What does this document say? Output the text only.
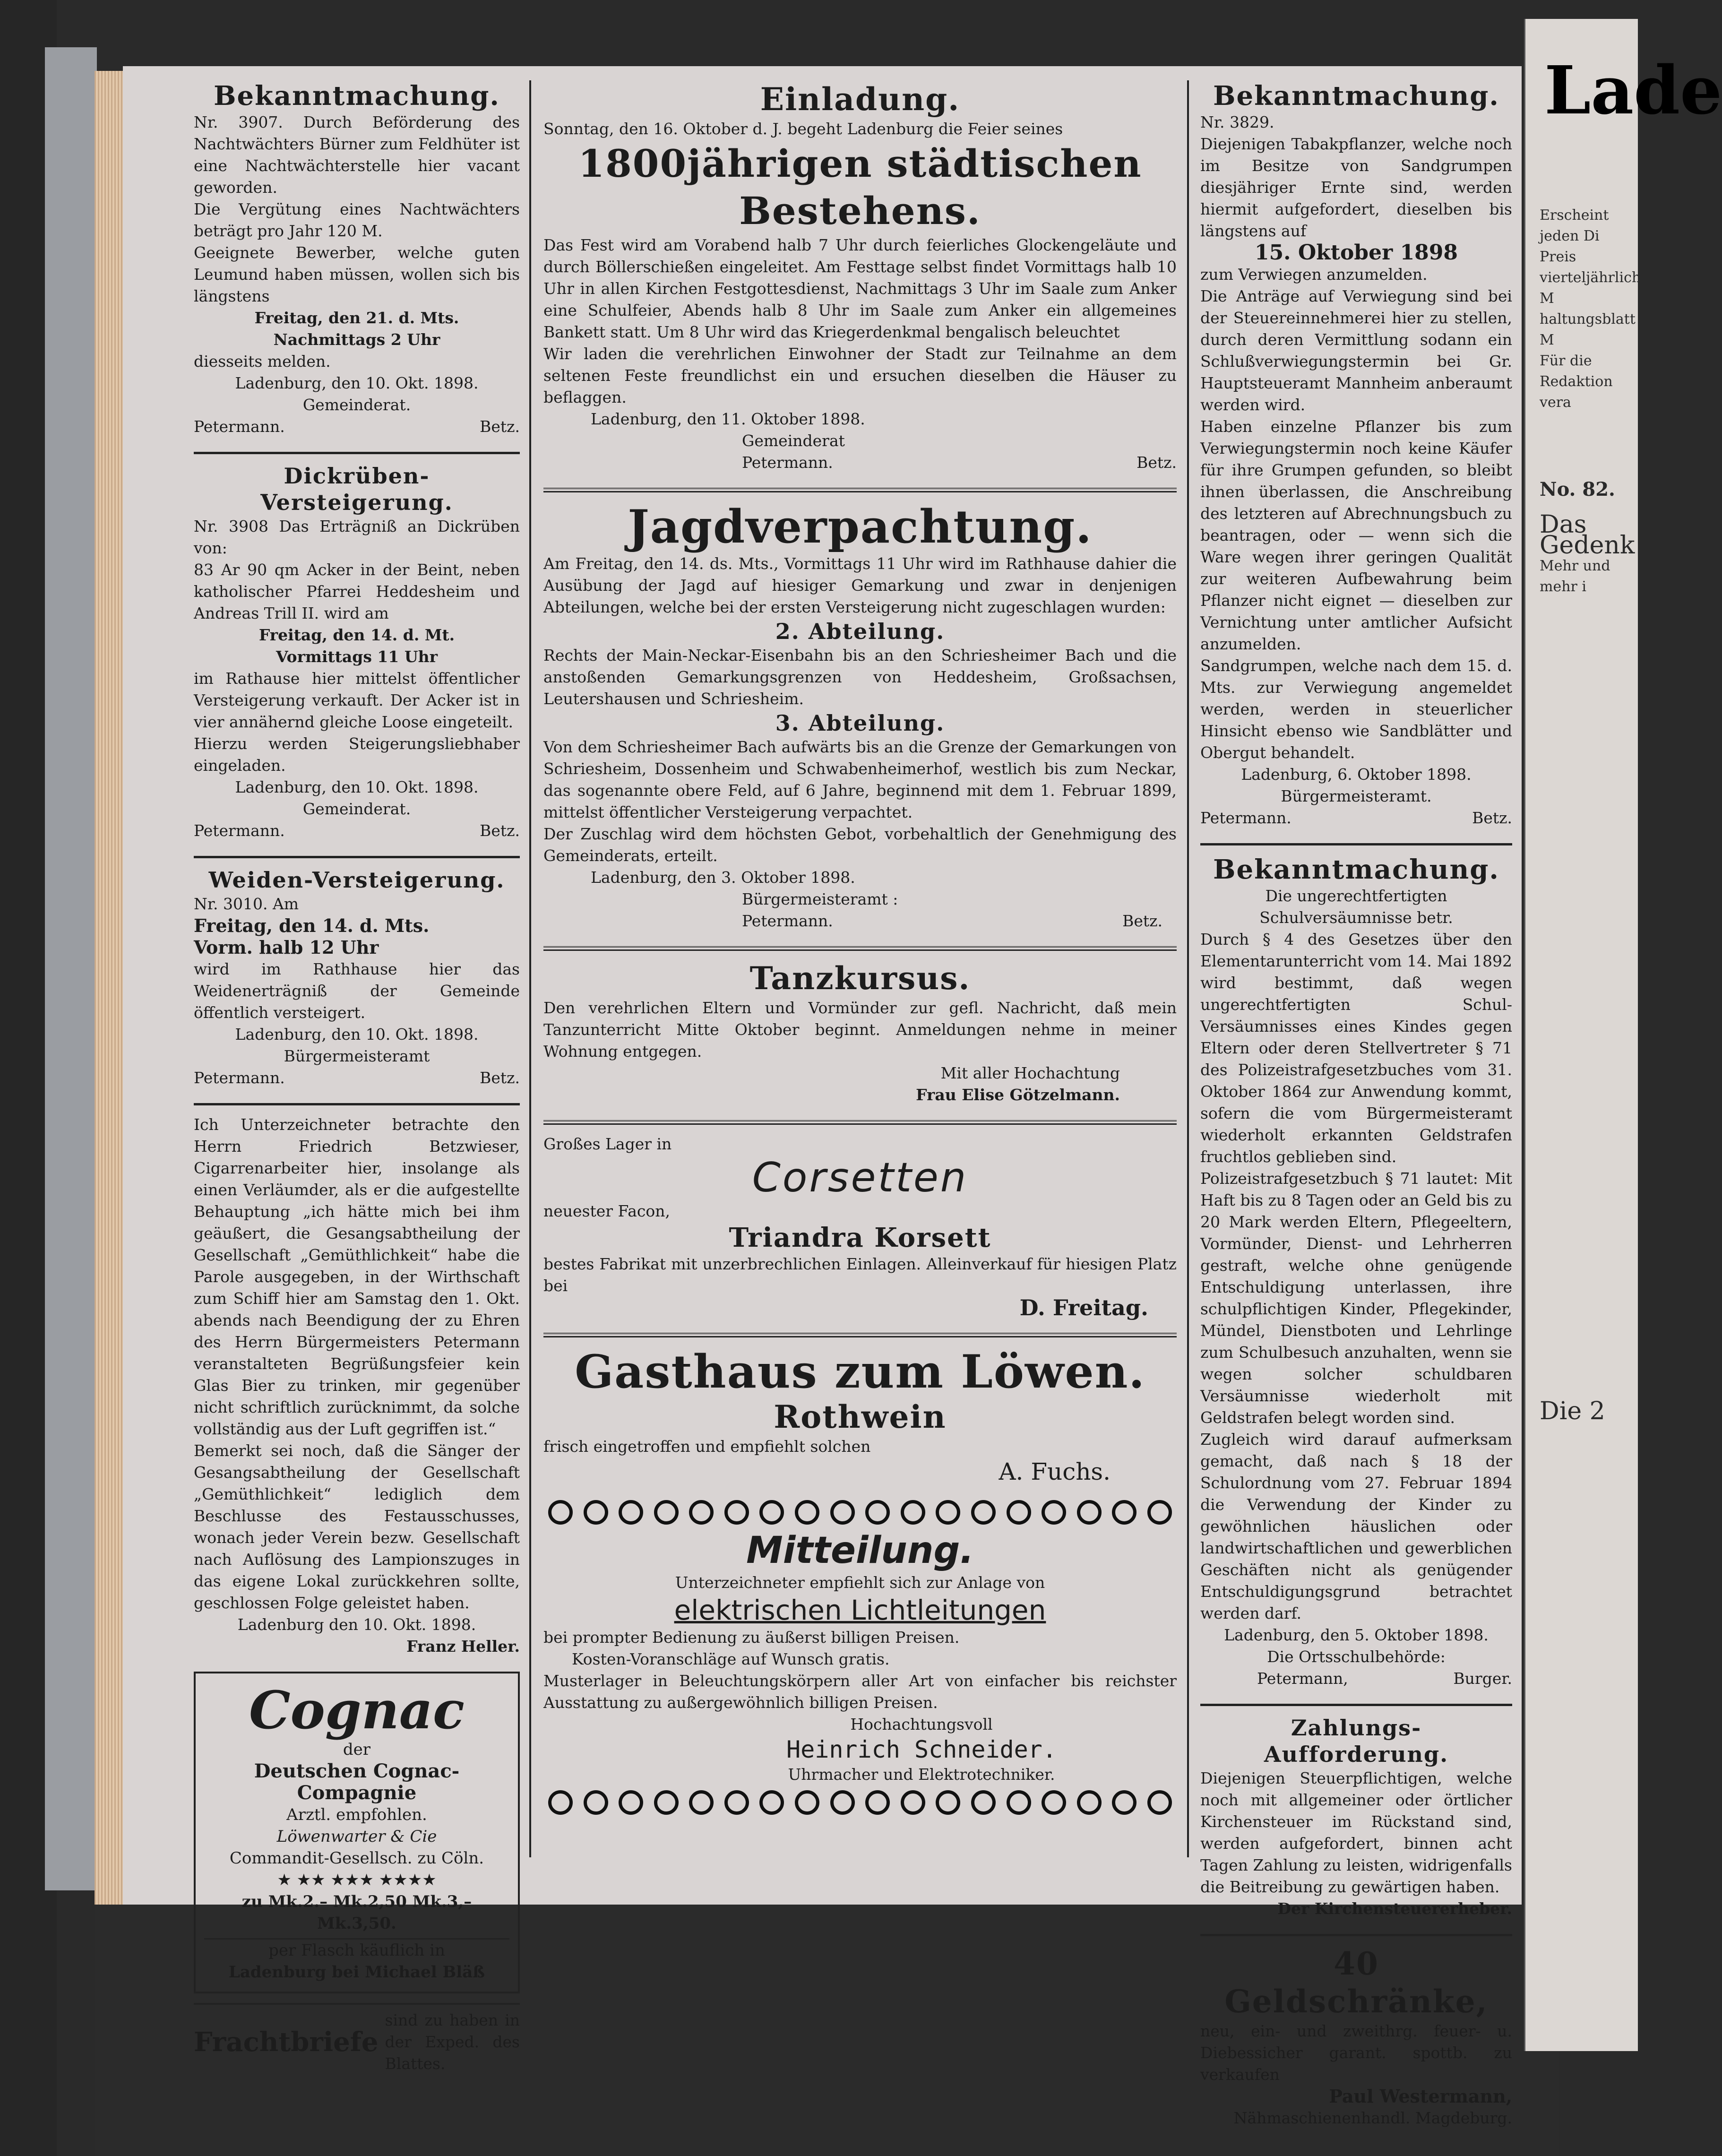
Lade
Erscheint jeden Di
Preis vierteljährlich M
haltungsblatt M
Für die Redaktion vera
No. 82.
Das Gedenk
Mehr und mehr i
Die 2
Bekanntmachung.

Nr. 3907. Durch Beförderung des Nachtwächters Bürner zum Feldhüter ist eine Nachtwächterstelle hier vacant geworden.

Die Vergütung eines Nachtwächters beträgt pro Jahr 120 M.

Geeignete Bewerber, welche guten Leumund haben müssen, wollen sich bis längstens

Freitag, den 21. d. Mts.

Nachmittags 2 Uhr

diesseits melden.

Ladenburg, den 10. Okt. 1898.

Gemeinderat.

Petermann.	Betz.
Dickrüben-Versteigerung.

Nr. 3908 Das Erträgniß an Dickrüben von:

83 Ar 90 qm Acker in der Beint, neben katholischer Pfarrei Heddesheim und Andreas Trill II. wird am

Freitag, den 14. d. Mt.

Vormittags 11 Uhr

im Rathause hier mittelst öffentlicher Versteigerung verkauft. Der Acker ist in vier annähernd gleiche Loose eingeteilt.

Hierzu werden Steigerungsliebhaber eingeladen.

Ladenburg, den 10. Okt. 1898.

Gemeinderat.

Petermann.	Betz.
Weiden-Versteigerung.

Nr. 3010. Am

Freitag, den 14. d. Mts.

Vorm. halb 12 Uhr

wird im Rathhause hier das Weidenerträgniß der Gemeinde öffentlich versteigert.

Ladenburg, den 10. Okt. 1898.

Bürgermeisteramt

Petermann.	Betz.

Ich Unterzeichneter betrachte den Herrn Friedrich Betzwieser, Cigarrenarbeiter hier, insolange als einen Verläumder, als er die aufgestellte Behauptung „ich hätte mich bei ihm geäußert, die Gesangsabtheilung der Gesellschaft „Gemüthlichkeit“ habe die Parole ausgegeben, in der Wirthschaft zum Schiff hier am Samstag den 1. Okt. abends nach Beendigung der zu Ehren des Herrn Bürgermeisters Petermann veranstalteten Begrüßungsfeier kein Glas Bier zu trinken, mir gegenüber nicht schriftlich zurücknimmt, da solche vollständig aus der Luft gegriffen ist.“

Bemerkt sei noch, daß die Sänger der Gesangsabtheilung der Gesellschaft „Gemüthlichkeit“ lediglich dem Beschlusse des Festausschusses, wonach jeder Verein bezw. Gesellschaft nach Auflösung des Lampionszuges in das eigene Lokal zurückkehren sollte, geschlossen Folge geleistet haben.

Ladenburg den 10. Okt. 1898.

Franz Heller.

Cognac
der
Deutschen Cognac-Compagnie
Arztl. empfohlen.
Löwenwarter & Cie
Commandit-Gesellsch. zu Cöln.
★ ★★ ★★★ ★★★★
zu Mk.2.– Mk.2,50 Mk.3,– Mk.3,50.
per Flasch käuflich in
Ladenburg bei Michael Bläß
Frachtbriefe
sind zu haben in der Exped. des Blattes.
Einladung.

Sonntag, den 16. Oktober d. J. begeht Ladenburg die Feier seines

1800jährigen städtischen Bestehens.

Das Fest wird am Vorabend halb 7 Uhr durch feierliches Glockengeläute und durch Böllerschießen eingeleitet. Am Festtage selbst findet Vormittags halb 10 Uhr in allen Kirchen Festgottesdienst, Nachmittags 3 Uhr im Saale zum Anker eine Schulfeier, Abends halb 8 Uhr im Saale zum Anker ein allgemeines Bankett statt. Um 8 Uhr wird das Kriegerdenkmal bengalisch beleuchtet

Wir laden die verehrlichen Einwohner der Stadt zur Teilnahme an dem seltenen Feste freundlichst ein und ersuchen dieselben die Häuser zu beflaggen.

Ladenburg, den 11. Oktober 1898.

Gemeinderat

Petermann.	Betz.
Jagdverpachtung.

Am Freitag, den 14. ds. Mts., Vormittags 11 Uhr wird im Rathhause dahier die Ausübung der Jagd auf hiesiger Gemarkung und zwar in denjenigen Abteilungen, welche bei der ersten Versteigerung nicht zugeschlagen wurden:

2. Abteilung.

Rechts der Main-Neckar-Eisenbahn bis an den Schriesheimer Bach und die anstoßenden Gemarkungsgrenzen von Heddesheim, Großsachsen, Leutershausen und Schriesheim.

3. Abteilung.

Von dem Schriesheimer Bach aufwärts bis an die Grenze der Gemarkungen von Schriesheim, Dossenheim und Schwabenheimerhof, westlich bis zum Neckar, das sogenannte obere Feld, auf 6 Jahre, beginnend mit dem 1. Februar 1899, mittelst öffentlicher Versteigerung verpachtet.

Der Zuschlag wird dem höchsten Gebot, vorbehaltlich der Genehmigung des Gemeinderats, erteilt.

Ladenburg, den 3. Oktober 1898.

Bürgermeisteramt :

Petermann.	Betz.
Tanzkursus.

Den verehrlichen Eltern und Vormünder zur gefl. Nachricht, daß mein Tanzunterricht Mitte Oktober beginnt. Anmeldungen nehme in meiner Wohnung entgegen.

Mit aller Hochachtung

Frau Elise Götzelmann.

Großes Lager in

Corsetten

neuester Facon,

Triandra Korsett

bestes Fabrikat mit unzerbrechlichen Einlagen. Alleinverkauf für hiesigen Platz bei

D. Freitag.

Gasthaus zum Löwen.
Rothwein

frisch eingetroffen und empfiehlt solchen

A. Fuchs.

Mitteilung.

Unterzeichneter empfiehlt sich zur Anlage von

elektrischen Lichtleitungen

bei prompter Bedienung zu äußerst billigen Preisen.

Kosten-Voranschläge auf Wunsch gratis.

Musterlager in Beleuchtungskörpern aller Art von einfacher bis reichster Ausstattung zu außergewöhnlich billigen Preisen.

Hochachtungsvoll

Heinrich Schneider.

Uhrmacher und Elektrotechniker.

Bekanntmachung.

Nr. 3829.

Diejenigen Tabakpflanzer, welche noch im Besitze von Sandgrumpen diesjähriger Ernte sind, werden hiermit aufgefordert, dieselben bis längstens auf

15. Oktober 1898

zum Verwiegen anzumelden.

Die Anträge auf Verwiegung sind bei der Steuereinnehmerei hier zu stellen, durch deren Vermittlung sodann ein Schlußverwiegungstermin bei Gr. Hauptsteueramt Mannheim anberaumt werden wird.

Haben einzelne Pflanzer bis zum Verwiegungstermin noch keine Käufer für ihre Grumpen gefunden, so bleibt ihnen überlassen, die Anschreibung des letzteren auf Abrechnungsbuch zu beantragen, oder — wenn sich die Ware wegen ihrer geringen Qualität zur weiteren Aufbewahrung beim Pflanzer nicht eignet — dieselben zur Vernichtung unter amtlicher Aufsicht anzumelden.

Sandgrumpen, welche nach dem 15. d. Mts. zur Verwiegung angemeldet werden, werden in steuerlicher Hinsicht ebenso wie Sandblätter und Obergut behandelt.

Ladenburg, 6. Oktober 1898.

Bürgermeisteramt.

Petermann.	Betz.
Bekanntmachung.

Die ungerechtfertigten Schulversäumnisse betr.

Durch § 4 des Gesetzes über den Elementarunterricht vom 14. Mai 1892 wird bestimmt, daß wegen ungerechtfertigten Schul-Versäumnisses eines Kindes gegen Eltern oder deren Stellvertreter § 71 des Polizeistrafgesetzbuches vom 31. Oktober 1864 zur Anwendung kommt, sofern die vom Bürgermeisteramt wiederholt erkannten Geldstrafen fruchtlos geblieben sind.

Polizeistrafgesetzbuch § 71 lautet: Mit Haft bis zu 8 Tagen oder an Geld bis zu 20 Mark werden Eltern, Pflegeeltern, Vormünder, Dienst- und Lehrherren gestraft, welche ohne genügende Entschuldigung unterlassen, ihre schulpflichtigen Kinder, Pflegekinder, Mündel, Dienstboten und Lehrlinge zum Schulbesuch anzuhalten, wenn sie wegen solcher schuldbaren Versäumnisse wiederholt mit Geldstrafen belegt worden sind.

Zugleich wird darauf aufmerksam gemacht, daß nach § 18 der Schulordnung vom 27. Februar 1894 die Verwendung der Kinder zu gewöhnlichen häuslichen oder landwirtschaftlichen und gewerblichen Geschäften nicht als genügender Entschuldigungsgrund betrachtet werden darf.

Ladenburg, den 5. Oktober 1898.

Die Ortsschulbehörde:

Petermann,	Burger.
Zahlungs-Aufforderung.

Diejenigen Steuerpflichtigen, welche noch mit allgemeiner oder örtlicher Kirchensteuer im Rückstand sind, werden aufgefordert, binnen acht Tagen Zahlung zu leisten, widrigenfalls die Beitreibung zu gewärtigen haben.

Der Kirchensteuererheber.

40 Geldschränke,

neu, ein- und zweithrg. feuer- u. Diebessicher garant. spottb. zu verkaufen

Paul Westermann,

Nähmaschienenhandl. Magdeburg.
